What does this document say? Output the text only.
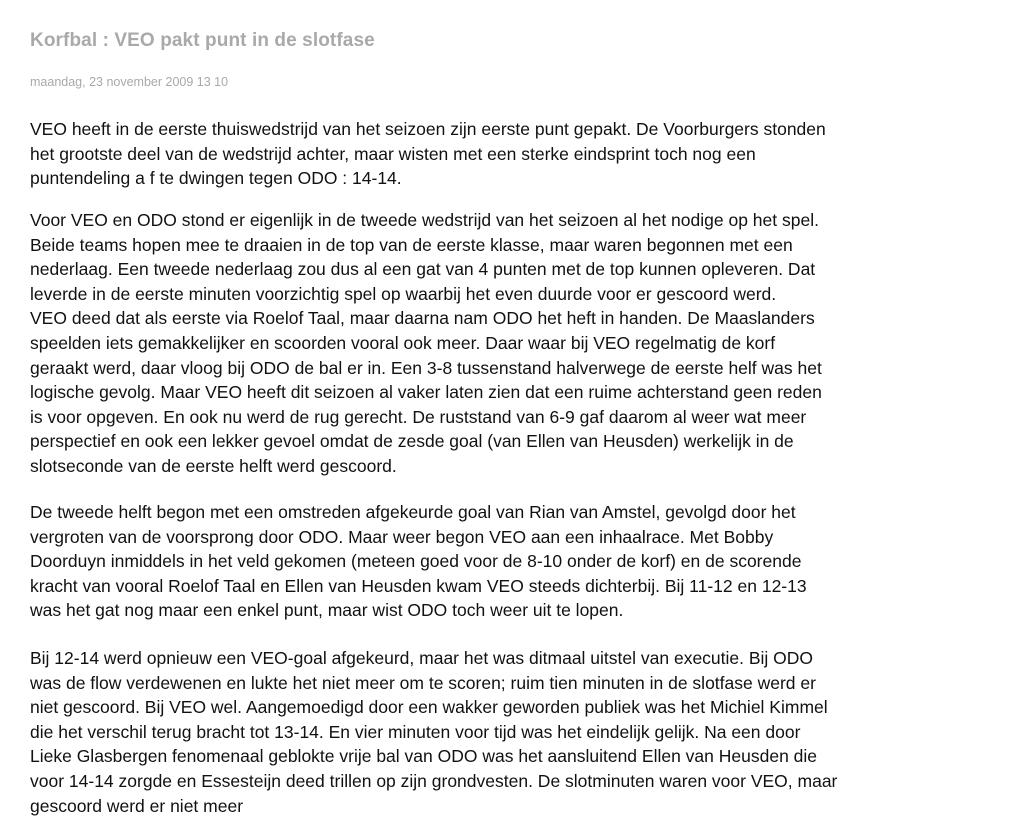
Korfbal : VEO pakt punt in de slotfase
maandag, 23 november 2009 13 10

VEO heeft in de eerste thuiswedstrijd van het seizoen zijn eerste punt gepakt. De Voorburgers stonden
het grootste deel van de wedstrijd achter, maar wisten met een sterke eindsprint toch nog een
puntendeling a f te dwingen tegen ODO : 14-14.

Voor VEO en ODO stond er eigenlijk in de tweede wedstrijd van het seizoen al het nodige op het spel.
Beide teams hopen mee te draaien in de top van de eerste klasse, maar waren begonnen met een
nederlaag. Een tweede nederlaag zou dus al een gat van 4 punten met de top kunnen opleveren. Dat
leverde in de eerste minuten voorzichtig spel op waarbij het even duurde voor er gescoord werd.
VEO deed dat als eerste via Roelof Taal, maar daarna nam ODO het heft in handen. De Maaslanders
speelden iets gemakkelijker en scoorden vooral ook meer. Daar waar bij VEO regelmatig de korf
geraakt werd, daar vloog bij ODO de bal er in. Een 3-8 tussenstand halverwege de eerste helf was het
logische gevolg. Maar VEO heeft dit seizoen al vaker laten zien dat een ruime achterstand geen reden
is voor opgeven. En ook nu werd de rug gerecht. De ruststand van 6-9 gaf daarom al weer wat meer
perspectief en ook een lekker gevoel omdat de zesde goal (van Ellen van Heusden) werkelijk in de
slotseconde van de eerste helft werd gescoord.

De tweede helft begon met een omstreden afgekeurde goal van Rian van Amstel, gevolgd door het
vergroten van de voorsprong door ODO. Maar weer begon VEO aan een inhaalrace. Met Bobby
Doorduyn inmiddels in het veld gekomen (meteen goed voor de 8-10 onder de korf) en de scorende
kracht van vooral Roelof Taal en Ellen van Heusden kwam VEO steeds dichterbij. Bij 11-12 en 12-13
was het gat nog maar een enkel punt, maar wist ODO toch weer uit te lopen.

Bij 12-14 werd opnieuw een VEO-goal afgekeurd, maar het was ditmaal uitstel van executie. Bij ODO
was de flow verdewenen en lukte het niet meer om te scoren; ruim tien minuten in de slotfase werd er
niet gescoord. Bij VEO wel. Aangemoedigd door een wakker geworden publiek was het Michiel Kimmel
die het verschil terug bracht tot 13-14. En vier minuten voor tijd was het eindelijk gelijk. Na een door
Lieke Glasbergen fenomenaal geblokte vrije bal van ODO was het aansluitend Ellen van Heusden die
voor 14-14 zorgde en Essesteijn deed trillen op zijn grondvesten. De slotminuten waren voor VEO, maar
gescoord werd er niet meer
